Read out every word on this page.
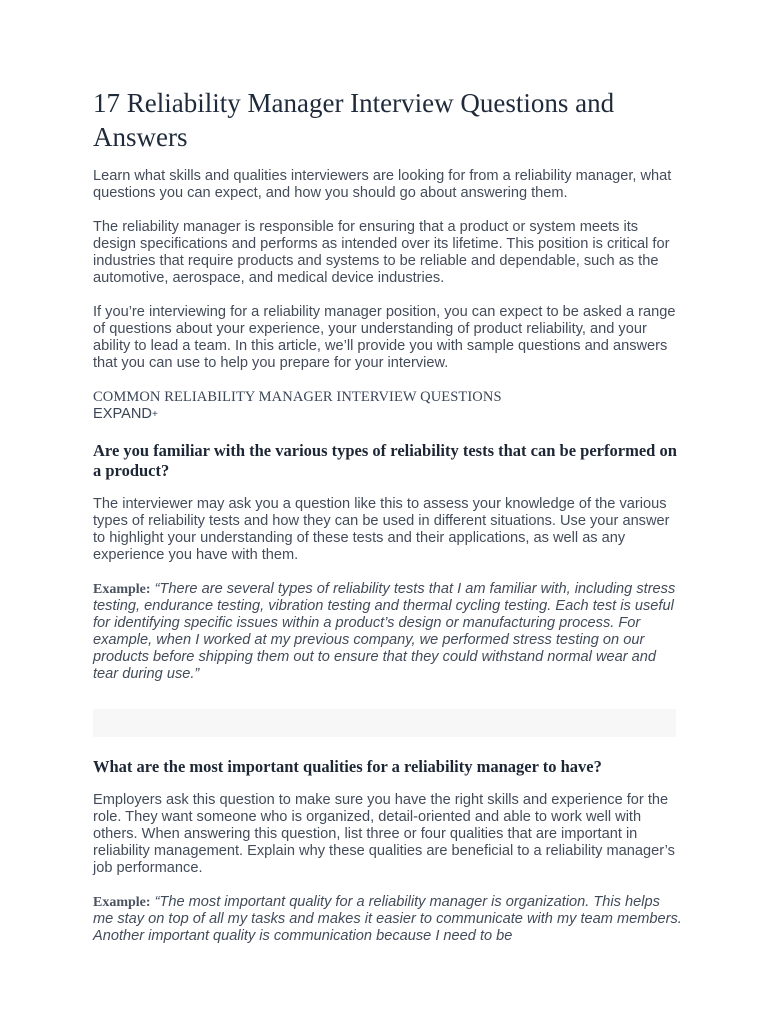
17 Reliability Manager Interview Questions and Answers

Learn what skills and qualities interviewers are looking for from a reliability manager, what questions you can expect, and how you should go about answering them.

The reliability manager is responsible for ensuring that a product or system meets its design specifications and performs as intended over its lifetime. This position is critical for industries that require products and systems to be reliable and dependable, such as the automotive, aerospace, and medical device industries.

If you’re interviewing for a reliability manager position, you can expect to be asked a range of questions about your experience, your understanding of product reliability, and your ability to lead a team. In this article, we’ll provide you with sample questions and answers that you can use to help you prepare for your interview.

COMMON RELIABILITY MANAGER INTERVIEW QUESTIONS
EXPAND+
Are you familiar with the various types of reliability tests that can be performed on a product?

The interviewer may ask you a question like this to assess your knowledge of the various types of reliability tests and how they can be used in different situations. Use your answer to highlight your understanding of these tests and their applications, as well as any experience you have with them.

Example: “There are several types of reliability tests that I am familiar with, including stress testing, endurance testing, vibration testing and thermal cycling testing. Each test is useful for identifying specific issues within a product’s design or manufacturing process. For example, when I worked at my previous company, we performed stress testing on our products before shipping them out to ensure that they could withstand normal wear and tear during use.”

What are the most important qualities for a reliability manager to have?

Employers ask this question to make sure you have the right skills and experience for the role. They want someone who is organized, detail-oriented and able to work well with others. When answering this question, list three or four qualities that are important in reliability management. Explain why these qualities are beneficial to a reliability manager’s job performance.

Example: “The most important quality for a reliability manager is organization. This helps me stay on top of all my tasks and makes it easier to communicate with my team members. Another important quality is communication because I need to be
